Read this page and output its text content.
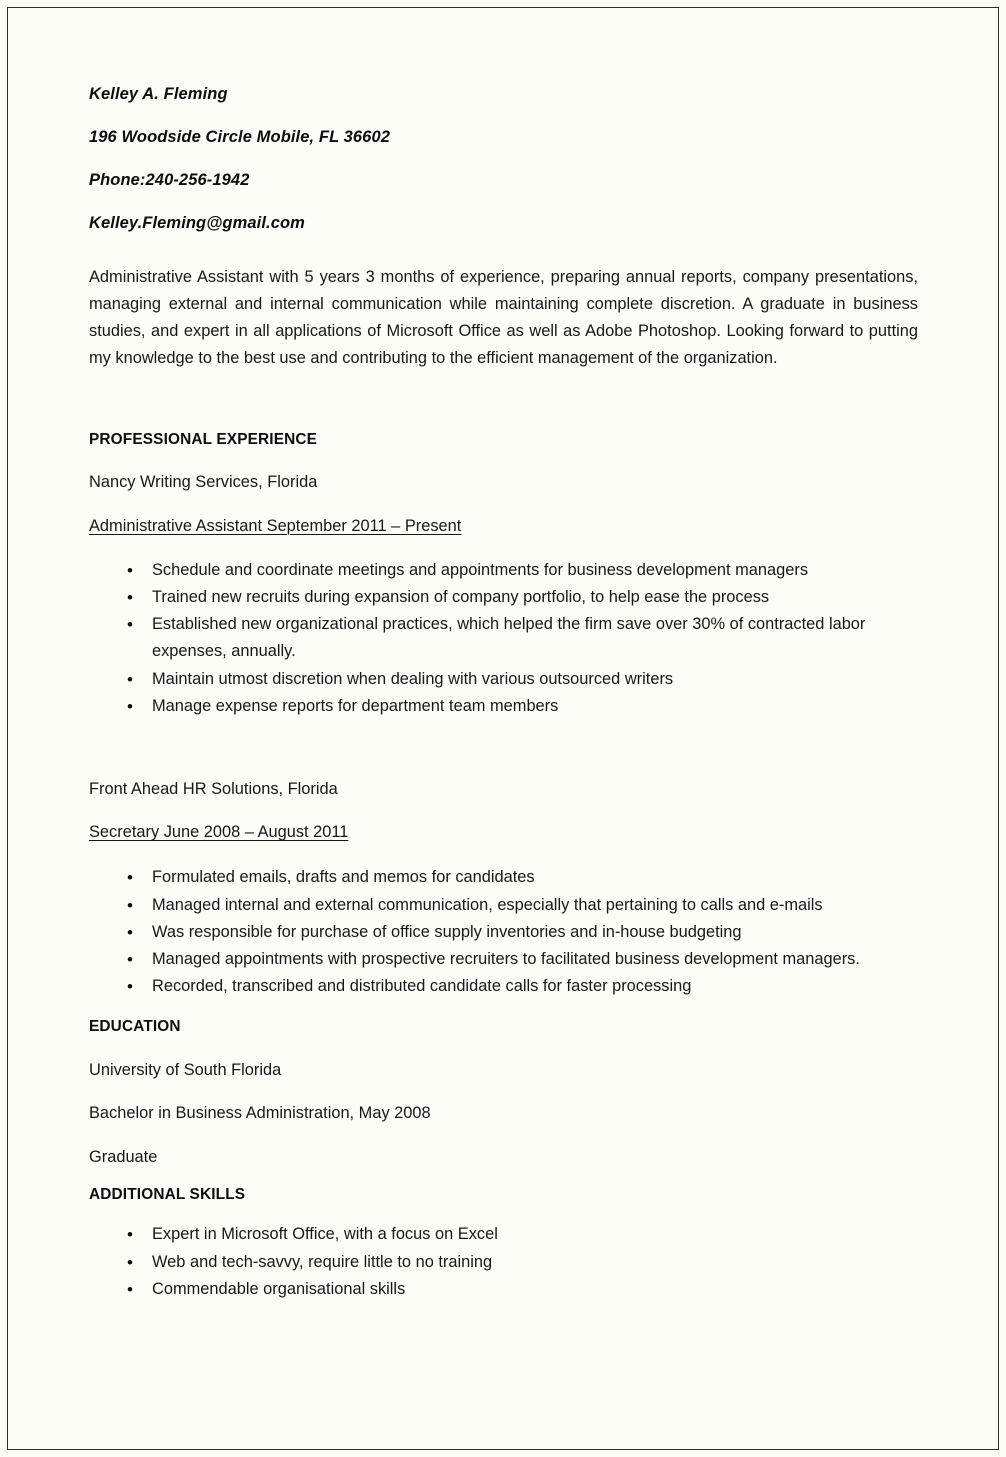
Kelley A. Fleming

196 Woodside Circle Mobile, FL 36602

Phone:240-256-1942

Kelley.Fleming@gmail.com

Administrative Assistant with 5 years 3 months of experience, preparing annual reports, company presentations, managing external and internal communication while maintaining complete discretion. A graduate in business studies, and expert in all applications of Microsoft Office as well as Adobe Photoshop. Looking forward to putting my knowledge to the best use and contributing to the efficient management of the organization.

PROFESSIONAL EXPERIENCE

Nancy Writing Services, Florida

Administrative Assistant September 2011 – Present
• Schedule and coordinate meetings and appointments for business development managers
• Trained new recruits during expansion of company portfolio, to help ease the process
• Established new organizational practices, which helped the firm save over 30% of contracted labor expenses, annually.
• Maintain utmost discretion when dealing with various outsourced writers
• Manage expense reports for department team members

Front Ahead HR Solutions, Florida

Secretary June 2008 – August 2011
• Formulated emails, drafts and memos for candidates
• Managed internal and external communication, especially that pertaining to calls and e-mails
• Was responsible for purchase of office supply inventories and in-house budgeting
• Managed appointments with prospective recruiters to facilitated business development managers.
• Recorded, transcribed and distributed candidate calls for faster processing

EDUCATION

University of South Florida

Bachelor in Business Administration, May 2008

Graduate

ADDITIONAL SKILLS

• Expert in Microsoft Office, with a focus on Excel
• Web and tech-savvy, require little to no training
• Commendable organisational skills
